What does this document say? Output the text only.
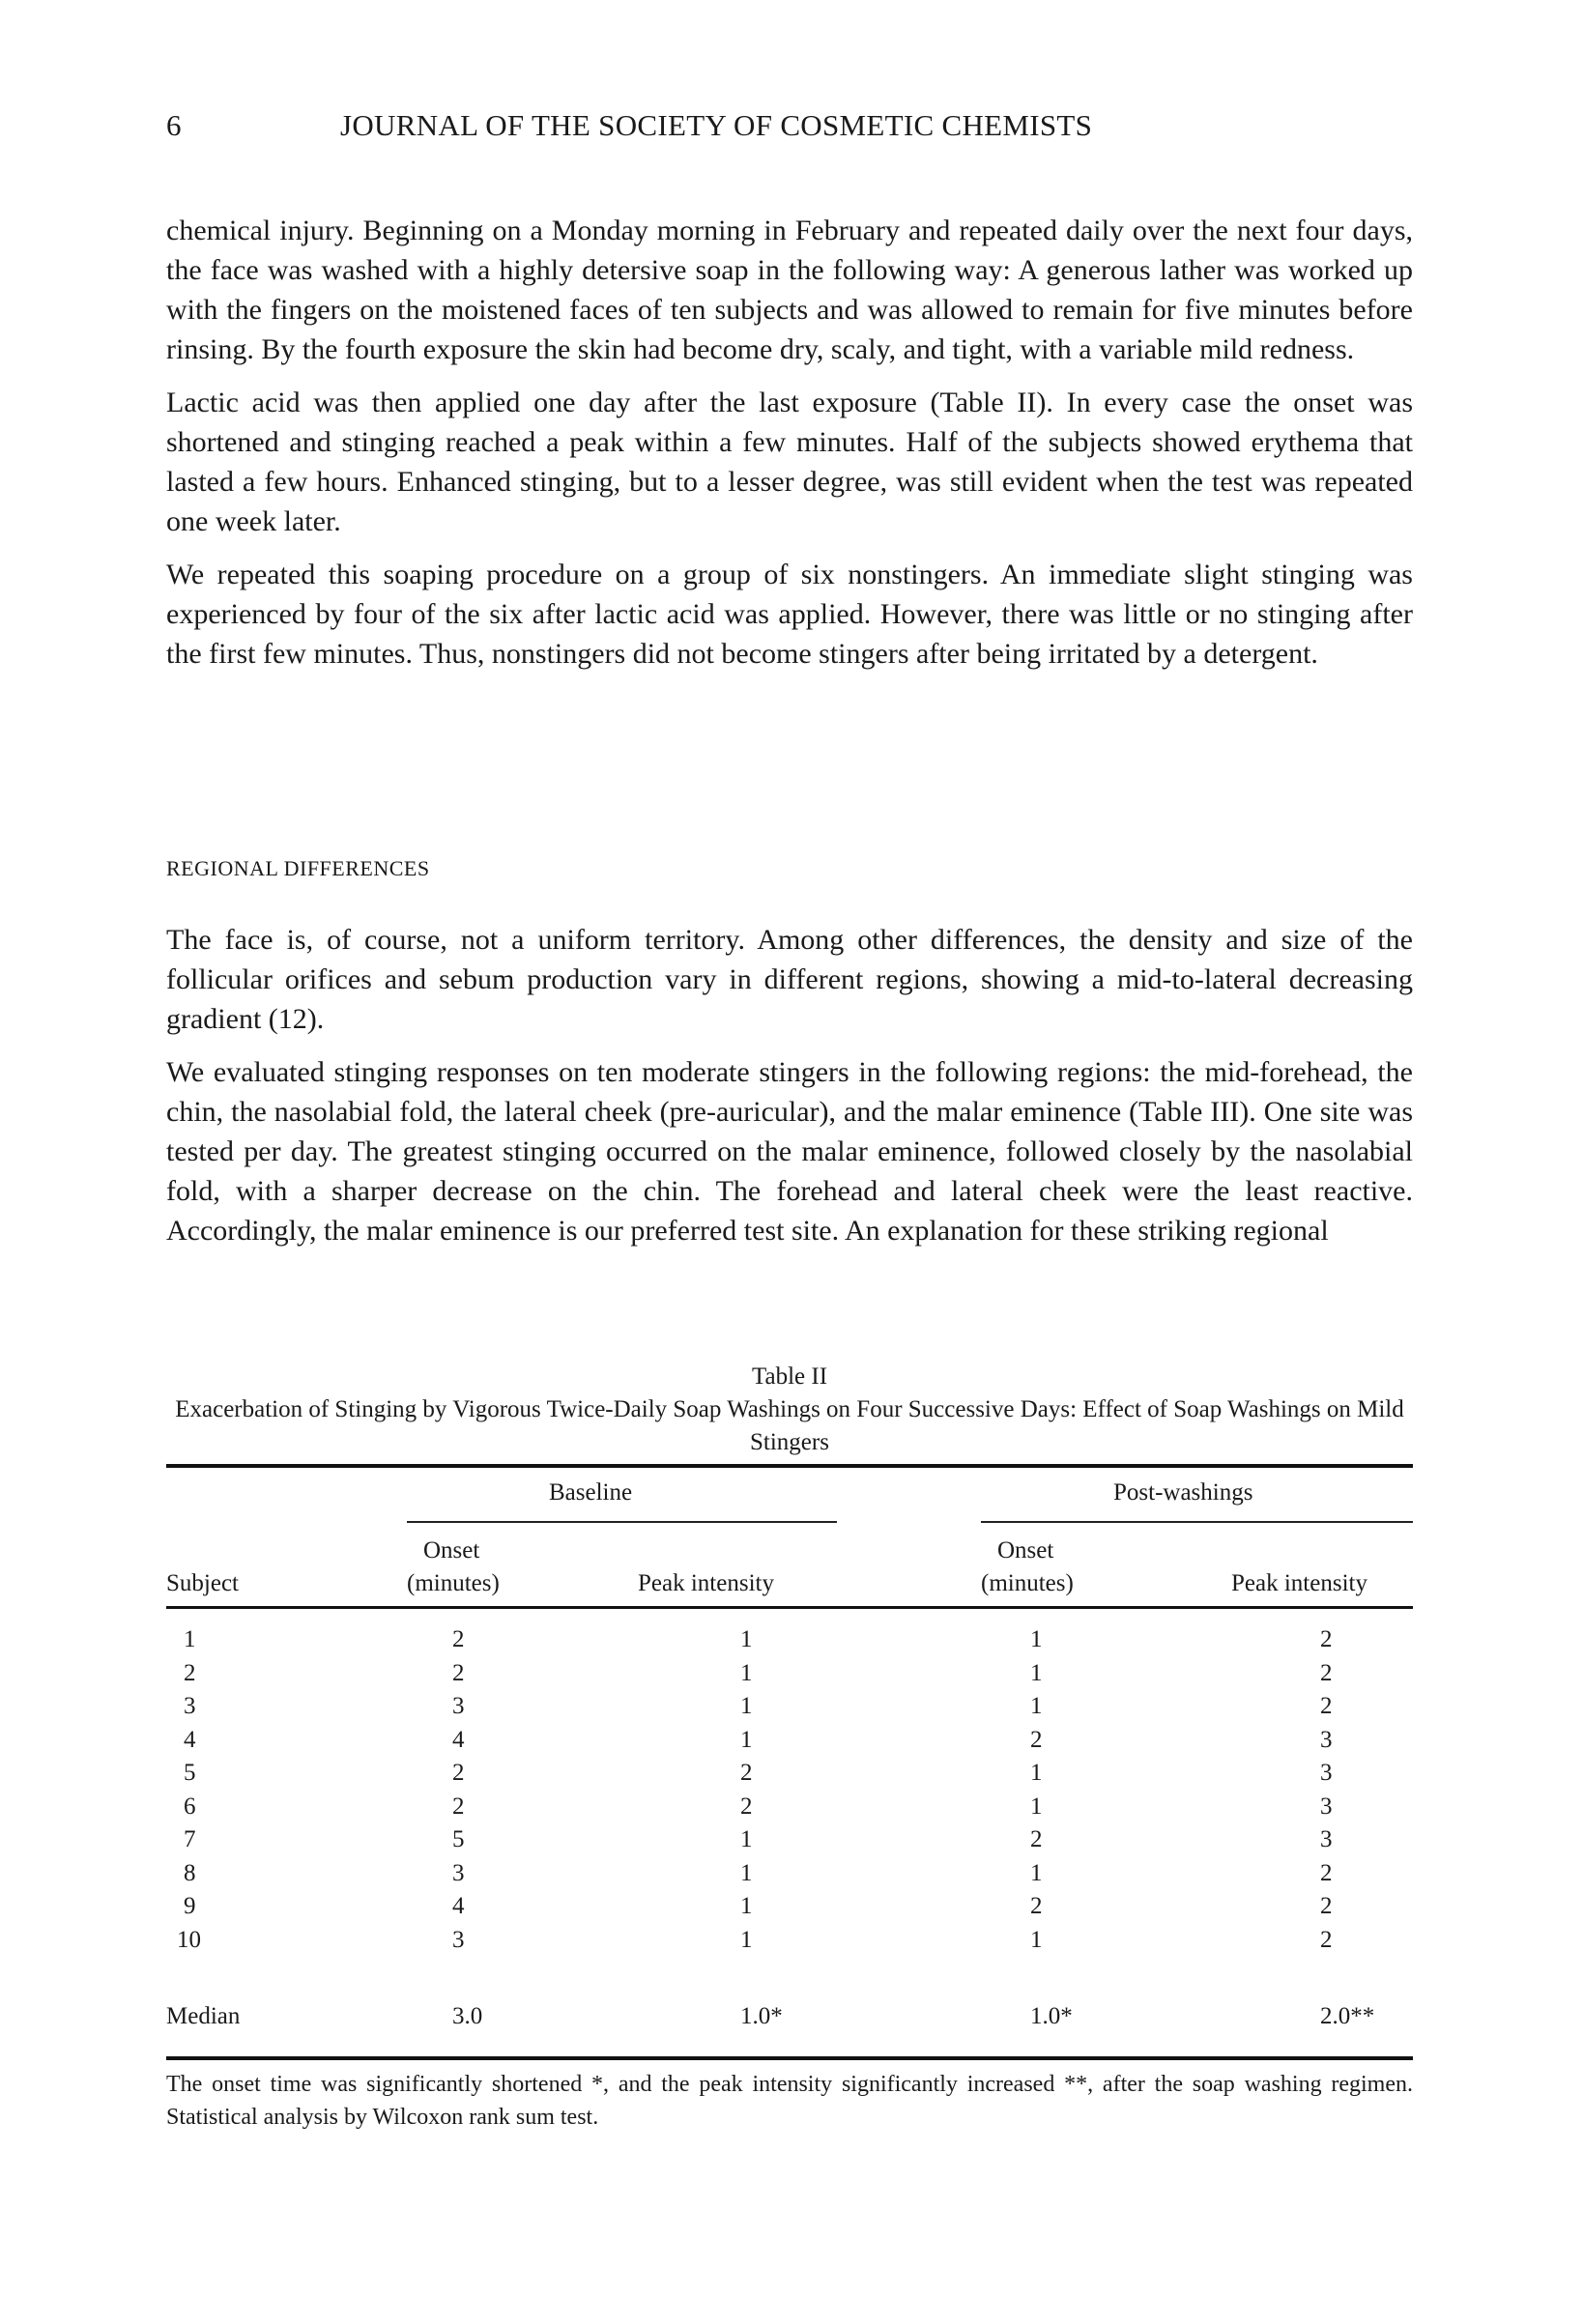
6	JOURNAL OF THE SOCIETY OF COSMETIC CHEMISTS

chemical injury. Beginning on a Monday morning in February and repeated daily over the next four days, the face was washed with a highly detersive soap in the following way: A generous lather was worked up with the fingers on the moistened faces of ten subjects and was allowed to remain for five minutes before rinsing. By the fourth exposure the skin had become dry, scaly, and tight, with a variable mild redness.

Lactic acid was then applied one day after the last exposure (Table II). In every case the onset was shortened and stinging reached a peak within a few minutes. Half of the subjects showed erythema that lasted a few hours. Enhanced stinging, but to a lesser degree, was still evident when the test was repeated one week later.

We repeated this soaping procedure on a group of six nonstingers. An immediate slight stinging was experienced by four of the six after lactic acid was applied. However, there was little or no stinging after the first few minutes. Thus, nonstingers did not become stingers after being irritated by a detergent.

REGIONAL DIFFERENCES

The face is, of course, not a uniform territory. Among other differences, the density and size of the follicular orifices and sebum production vary in different regions, showing a mid-to-lateral decreasing gradient (12).

We evaluated stinging responses on ten moderate stingers in the following regions: the mid-forehead, the chin, the nasolabial fold, the lateral cheek (pre-auricular), and the malar eminence (Table III). One site was tested per day. The greatest stinging occurred on the malar eminence, followed closely by the nasolabial fold, with a sharper decrease on the chin. The forehead and lateral cheek were the least reactive. Accordingly, the malar eminence is our preferred test site. An explanation for these striking regional

Table II
Exacerbation of Stinging by Vigorous Twice-Daily Soap Washings on Four Successive Days: Effect of Soap Washings on Mild Stingers
Baseline	Post-washings
Onset	Onset
Subject	(minutes)	Peak intensity	(minutes)	Peak intensity
1	2	1	1	2
2	2	1	1	2
3	3	1	1	2
4	4	1	2	3
5	2	2	1	3
6	2	2	1	3
7	5	1	2	3
8	3	1	1	2
9	4	1	2	2
10	3	1	1	2
Median	3.0	1.0*	1.0*	2.0**
The onset time was significantly shortened *, and the peak intensity significantly increased **, after the soap washing regimen. Statistical analysis by Wilcoxon rank sum test.
